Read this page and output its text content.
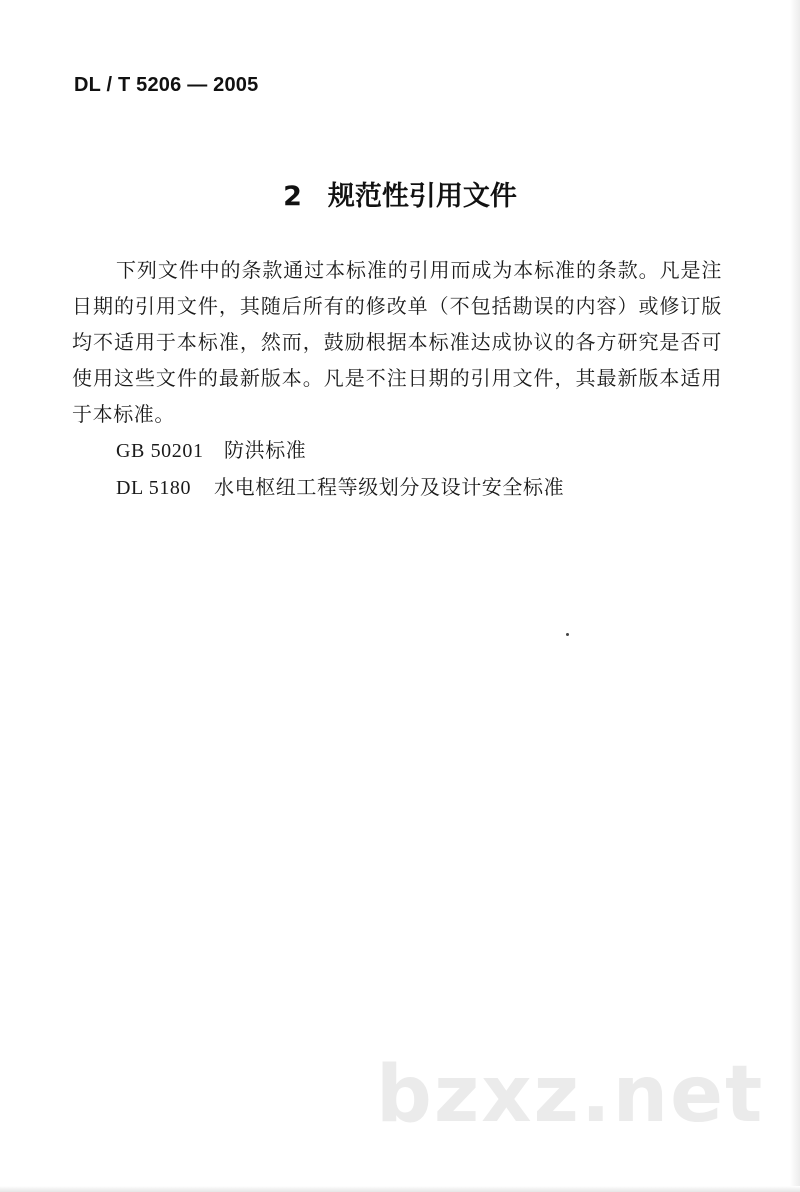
DL / T 5206 — 2005
2 规范性引用文件

下列文件中的条款通过本标准的引用而成为本标准的条款。凡是注日期的引用文件，其随后所有的修改单（不包括勘误的内容）或修订版均不适用于本标准，然而，鼓励根据本标准达成协议的各方研究是否可使用这些文件的最新版本。凡是不注日期的引用文件，其最新版本适用于本标准。

GB 50201 防洪标准
DL 5180 水电枢纽工程等级划分及设计安全标准
bzxz.net
